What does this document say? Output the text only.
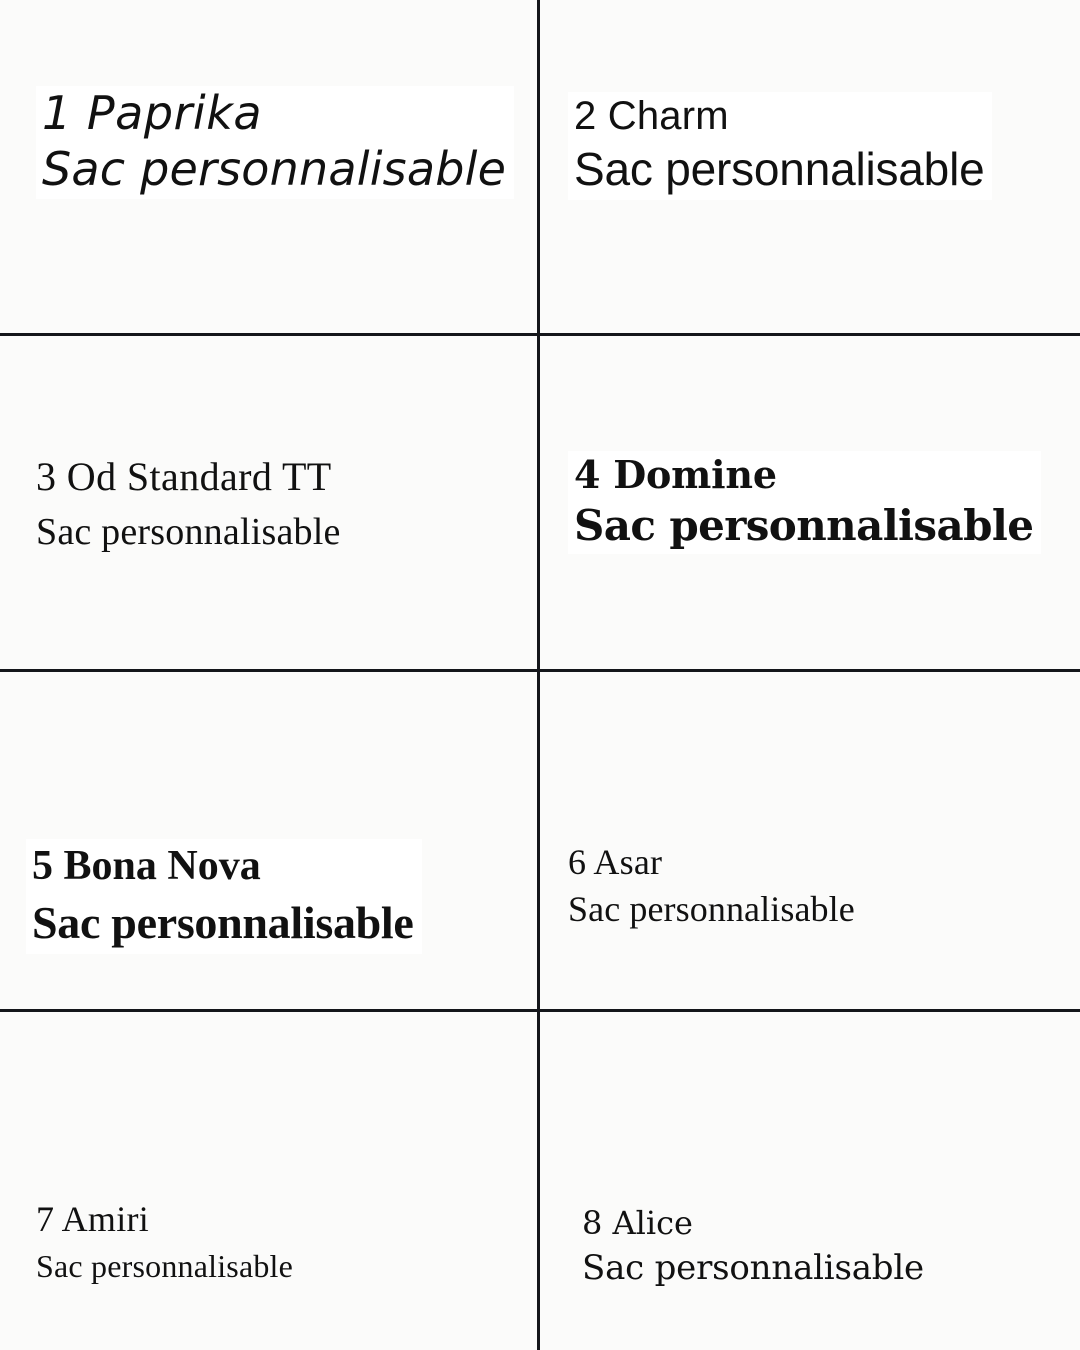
1 Paprika
Sac personnalisable
2 Charm
Sac personnalisable
3 Od Standard TT
Sac personnalisable
4 Domine
Sac personnalisable
5 Bona Nova
Sac personnalisable
6 Asar
Sac personnalisable
7 Amiri
Sac personnalisable
8 Alice
Sac personnalisable
